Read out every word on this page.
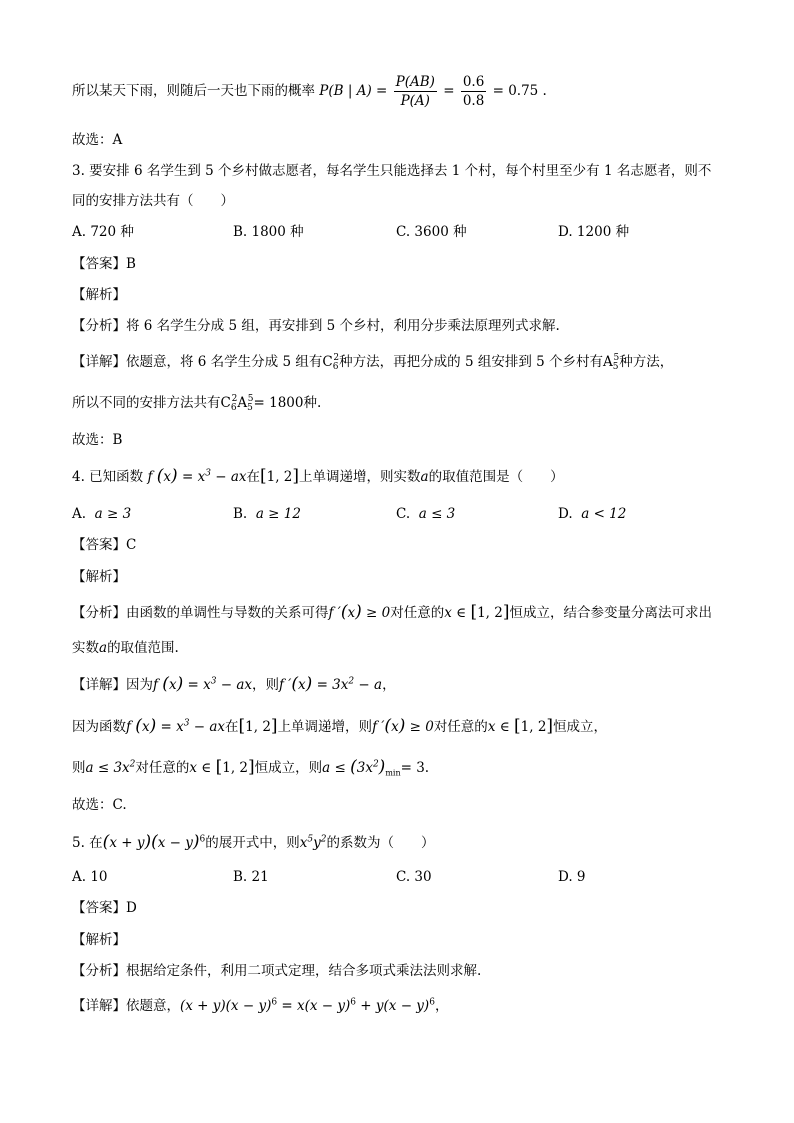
所以某天下雨，则随后一天也下雨的概率 P(B | $A) = \frac{P(AB)}{P(A)} = \frac{0.6}{0.8} = 0.75$ .
故选：A
3. 要安排 6 名学生到 5 个乡村做志愿者，每名学生只能选择去 1 个村，每个村里至少有 1 名志愿者，则不
同的安排方法共有（　　）
A. 720 种	B. 1800 种	C. 3600 种	D. 1200 种
【答案】B
【解析】
【分析】将 6 名学生分成 5 组，再安排到 5 个乡村，利用分步乘法原理列式求解.
【详解】依题意，将 6 名学生分成 5 组有$C_6^2$种方法，再把分成的 5 组安排到 5 个乡村有$A_5^5$种方法，
所以不同的安排方法共有$C_6^2A_5^5= 1800$种.
故选：B
4. 已知函数 f $(x) = x^3$ − ax在[1, 2]上单调递增，则实数a的取值范围是（　　）
A. a ≥ 3	B. a ≥ 12	C. a ≤ 3	D. a < 12
【答案】C
【解析】
【分析】由函数的单调性与导数的关系可得f ′(x) ≥ 0对任意的x ∈ [1, 2]恒成立，结合参变量分离法可求出
实数a的取值范围.
【详解】因为f $(x) = x^3$ − ax，则f $'(x) = 3x^2 - a$，
因为函数f $(x) = x^3$ − ax在[1, 2]上单调递增，则f ′(x) ≥ 0对任意的x ∈ [1, 2]恒成立，
则$a \le 3x^2$对任意的x ∈ [1, 2]恒成立，则$a \le (3x^2)_{min}= 3$.
故选：C.
5. 在$(x + y)(x - y)^6$的展开式中，则$x^5y^2$的系数为（　　）
A. 10	B. 21	C. 30	D. 9
【答案】D
【解析】
【分析】根据给定条件，利用二项式定理，结合多项式乘法法则求解.
【详解】依题意，$(x + y)(x - y)^6 = x(x - y)^6 + y(x - y)^6$，
